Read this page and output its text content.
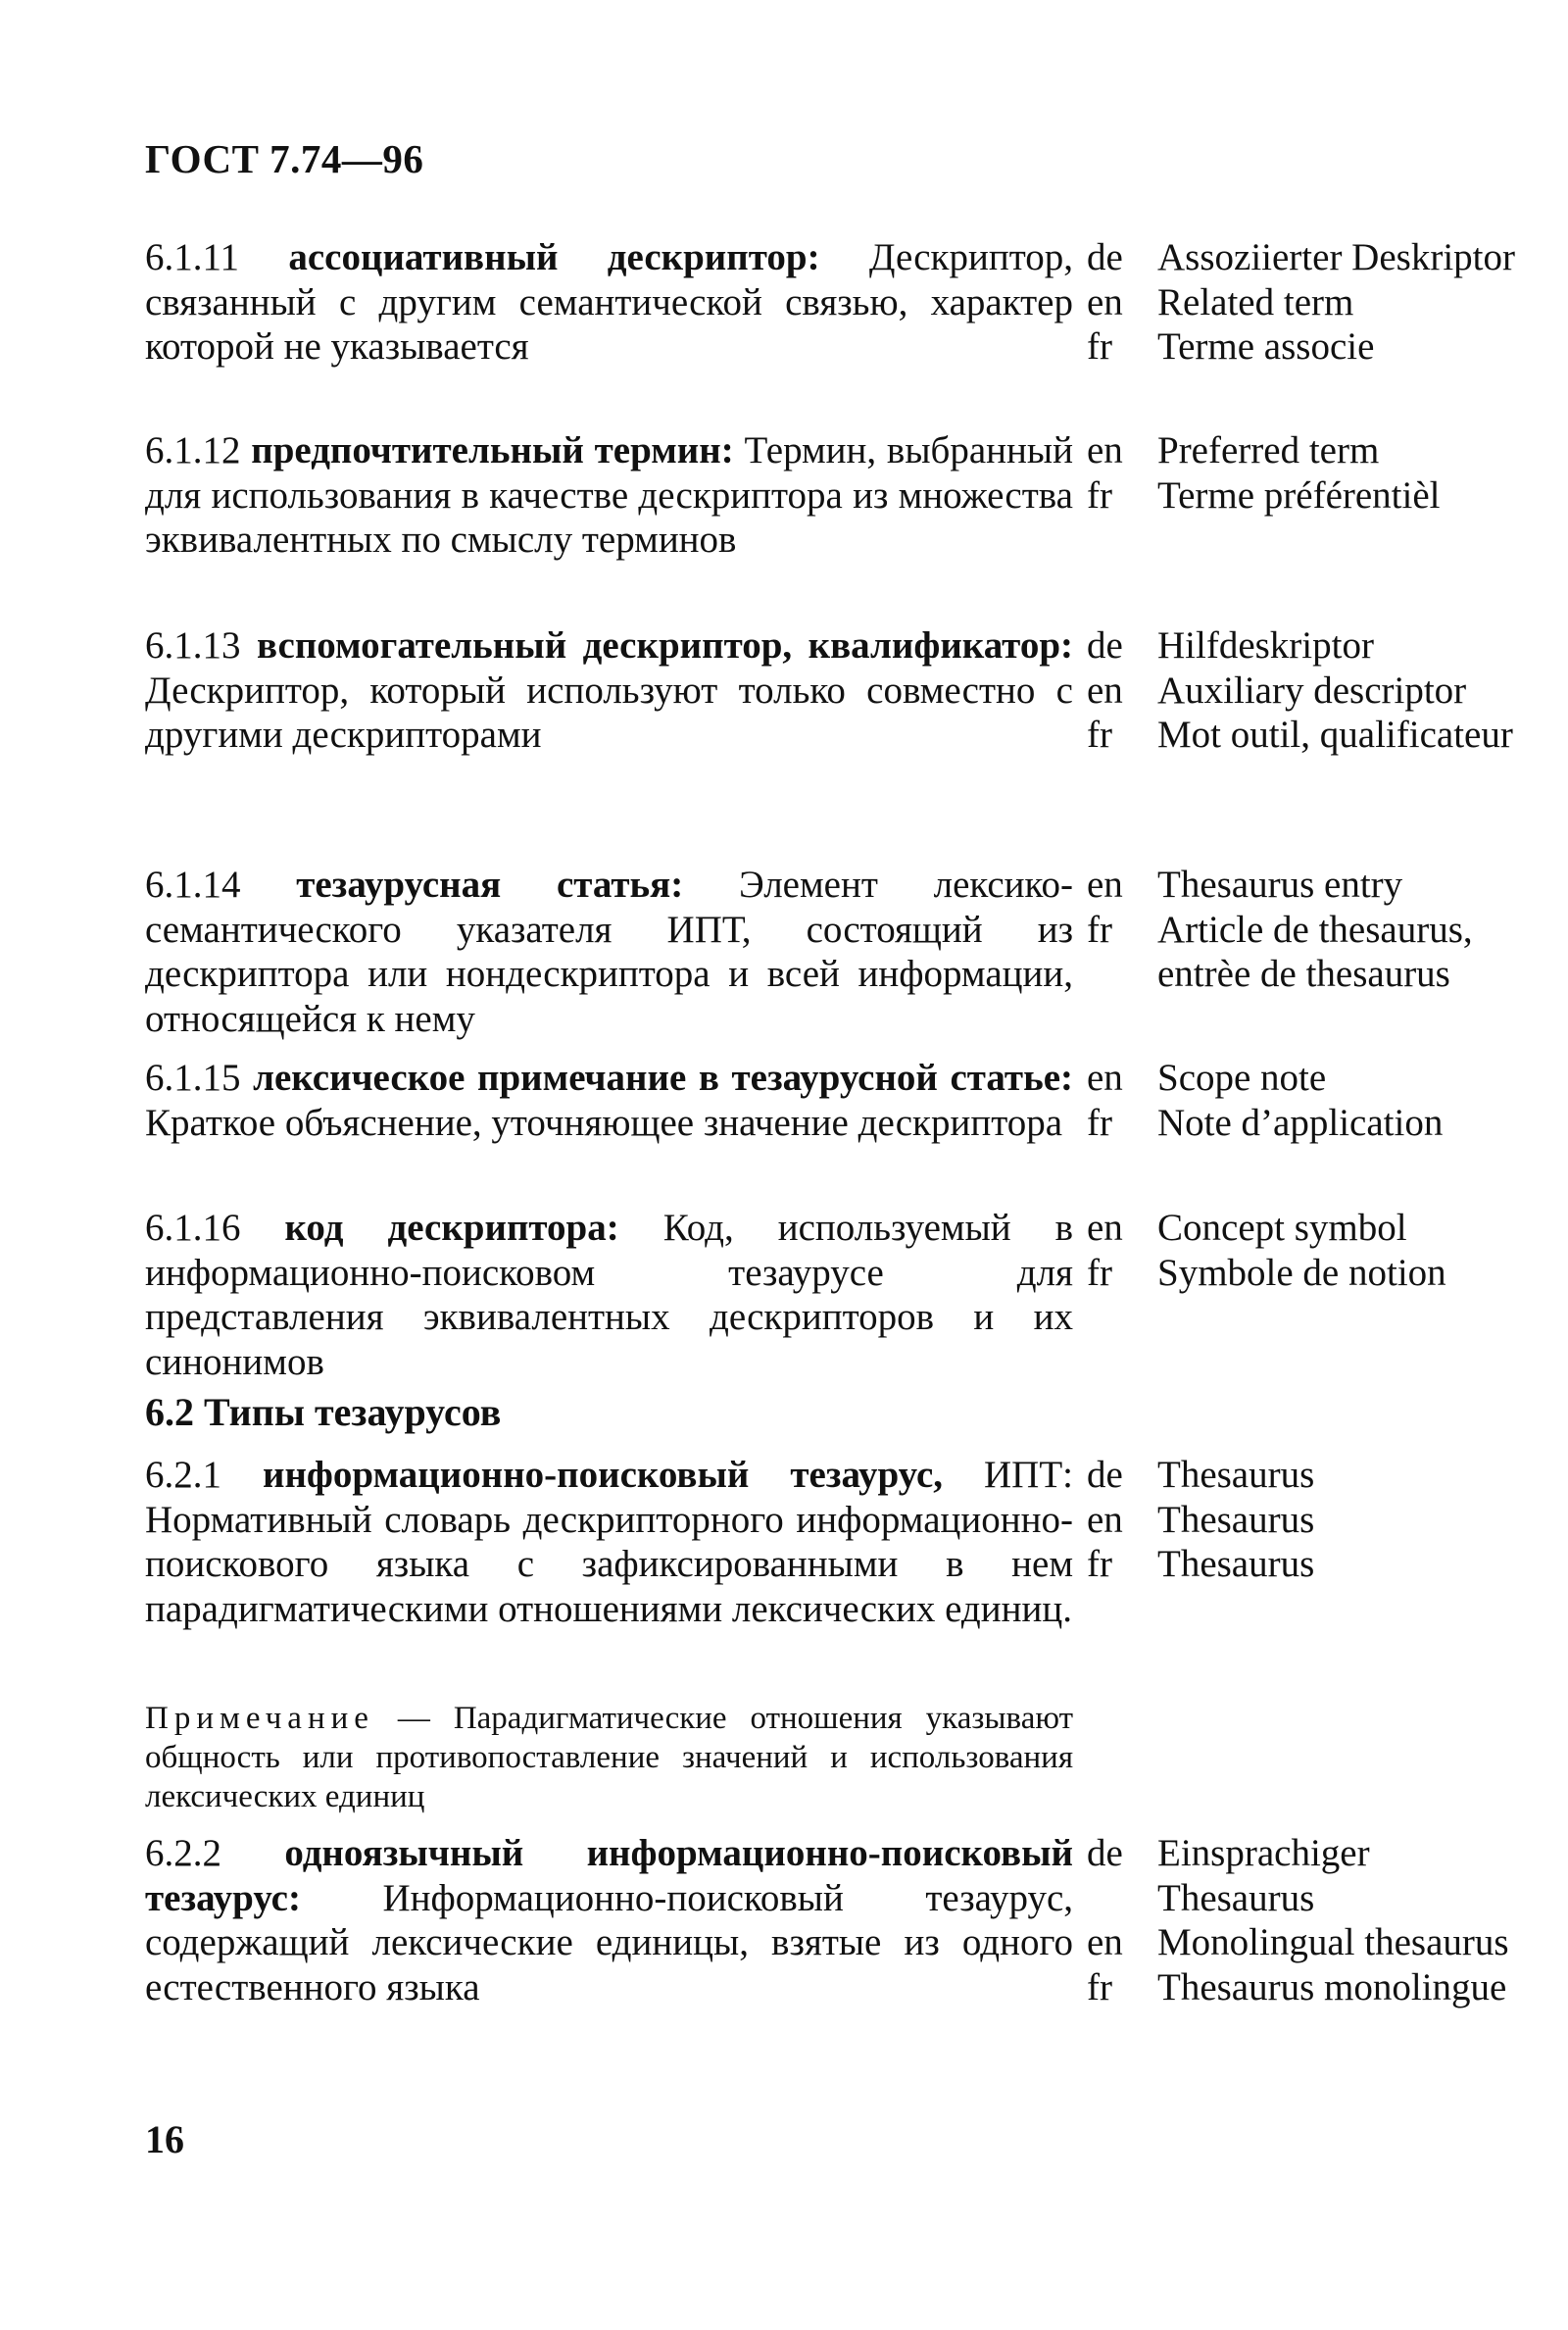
ГОСТ 7.74—96
6.1.11 ассоциативный дескриптор: Дескриптор, связанный с другим семантической связью, характер которой не указывается
de Assoziierter Deskriptor
en Related term
fr	Terme associe
6.1.12 предпочтительный термин: Термин, выбранный для использования в качестве дескриптора из множества эквивалентных по смыслу терминов
en Preferred term
fr	Terme préférentièl
6.1.13 вспомогательный дескриптор, квалификатор: Дескриптор, который используют только совместно с другими дескрипторами
de Hilfdeskriptor
en Auxiliary descriptor
fr	Mot outil, qualificateur
6.1.14 тезаурусная статья: Элемент лексико-семантического указателя ИПТ, состоящий из дескриптора или нондескриптора и всей информации, относящейся к нему
en Thesaurus entry
fr	Article de thesaurus, entrèe de thesaurus
6.1.15 лексическое примечание в тезаурусной статье: Краткое объяснение, уточняющее значение дескриптора
en Scope note
fr	Note d’application
6.1.16 код дескриптора: Код, используемый в информационно-поисковом тезаурусе для представления эквивалентных дескрипторов и их синонимов
en Concept symbol
fr	Symbole de notion
6.2 Типы тезаурусов
6.2.1 информационно-поисковый тезаурус, ИПТ: Нормативный словарь дескрипторного информационно-поискового языка с зафиксированными в нем парадигматическими отношениями лексических единиц.
de Thesaurus
en Thesaurus
fr	Thesaurus
Примечание — Парадигматические отношения указывают общность или противопоставление значений и использования лексических единиц
6.2.2 одноязычный информационно-поисковый тезаурус: Информационно-поисковый тезаурус, содержащий лексические единицы, взятые из одного естественного языка
de Einsprachiger Thesaurus
en Monolingual thesaurus
fr	Thesaurus monolingue
16
